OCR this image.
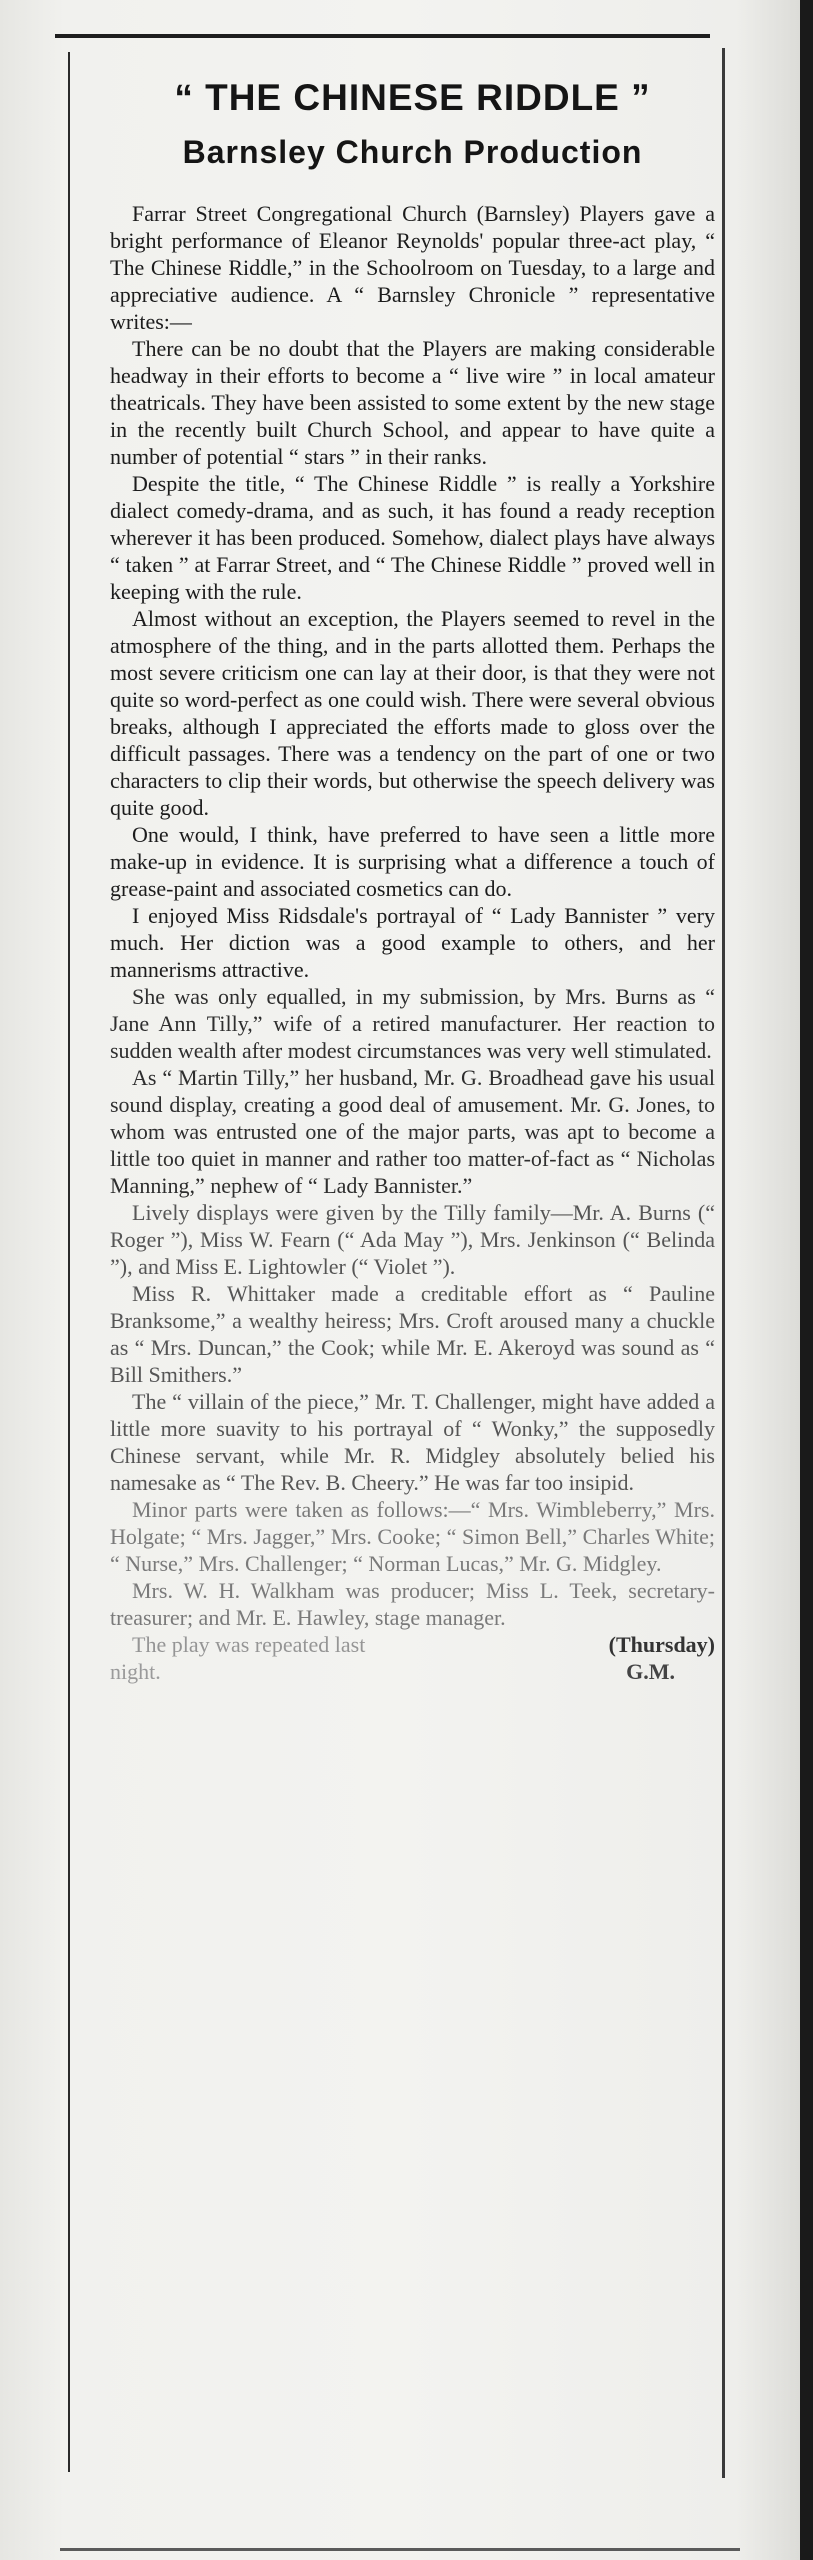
“ THE CHINESE RIDDLE ”
Barnsley Church Production

Farrar Street Congregational Church (Barnsley) Players gave a bright performance of Eleanor Reynolds' popular three-act play, “ The Chinese Riddle,” in the Schoolroom on Tuesday, to a large and appreciative audience. A “ Barnsley Chronicle ” representative writes:—

There can be no doubt that the Players are making considerable headway in their efforts to become a “ live wire ” in local amateur theatricals. They have been assisted to some extent by the new stage in the recently built Church School, and appear to have quite a number of potential “ stars ” in their ranks.

Despite the title, “ The Chinese Riddle ” is really a Yorkshire dialect comedy-drama, and as such, it has found a ready reception wherever it has been produced. Somehow, dialect plays have always “ taken ” at Farrar Street, and “ The Chinese Riddle ” proved well in keeping with the rule.

Almost without an exception, the Players seemed to revel in the atmosphere of the thing, and in the parts allotted them. Perhaps the most severe criticism one can lay at their door, is that they were not quite so word-perfect as one could wish. There were several obvious breaks, although I appreciated the efforts made to gloss over the difficult passages. There was a tendency on the part of one or two characters to clip their words, but otherwise the speech delivery was quite good.

One would, I think, have preferred to have seen a little more make-up in evidence. It is surprising what a difference a touch of grease-paint and associated cosmetics can do.

I enjoyed Miss Ridsdale's portrayal of “ Lady Bannister ” very much. Her diction was a good example to others, and her mannerisms attractive.

She was only equalled, in my submission, by Mrs. Burns as “ Jane Ann Tilly,” wife of a retired manufacturer. Her reaction to sudden wealth after modest circumstances was very well stimulated.

As “ Martin Tilly,” her husband, Mr. G. Broadhead gave his usual sound display, creating a good deal of amusement. Mr. G. Jones, to whom was entrusted one of the major parts, was apt to become a little too quiet in manner and rather too matter-of-fact as “ Nicholas Manning,” nephew of “ Lady Bannister.”

Lively displays were given by the Tilly family—Mr. A. Burns (“ Roger ”), Miss W. Fearn (“ Ada May ”), Mrs. Jenkinson (“ Belinda ”), and Miss E. Lightowler (“ Violet ”).

Miss R. Whittaker made a creditable effort as “ Pauline Branksome,” a wealthy heiress; Mrs. Croft aroused many a chuckle as “ Mrs. Duncan,” the Cook; while Mr. E. Akeroyd was sound as “ Bill Smithers.”

The “ villain of the piece,” Mr. T. Challenger, might have added a little more suavity to his portrayal of “ Wonky,” the supposedly Chinese servant, while Mr. R. Midgley absolutely belied his namesake as “ The Rev. B. Cheery.” He was far too insipid.

Minor parts were taken as follows:—“ Mrs. Wimbleberry,” Mrs. Holgate; “ Mrs. Jagger,” Mrs. Cooke; “ Simon Bell,” Charles White; “ Nurse,” Mrs. Challenger; “ Norman Lucas,” Mr. G. Midgley.

Mrs. W. H. Walkham was producer; Miss L. Teek, secretary-treasurer; and Mr. E. Hawley, stage manager.

The play was repeated last	(Thursday)

night.	G.M.
